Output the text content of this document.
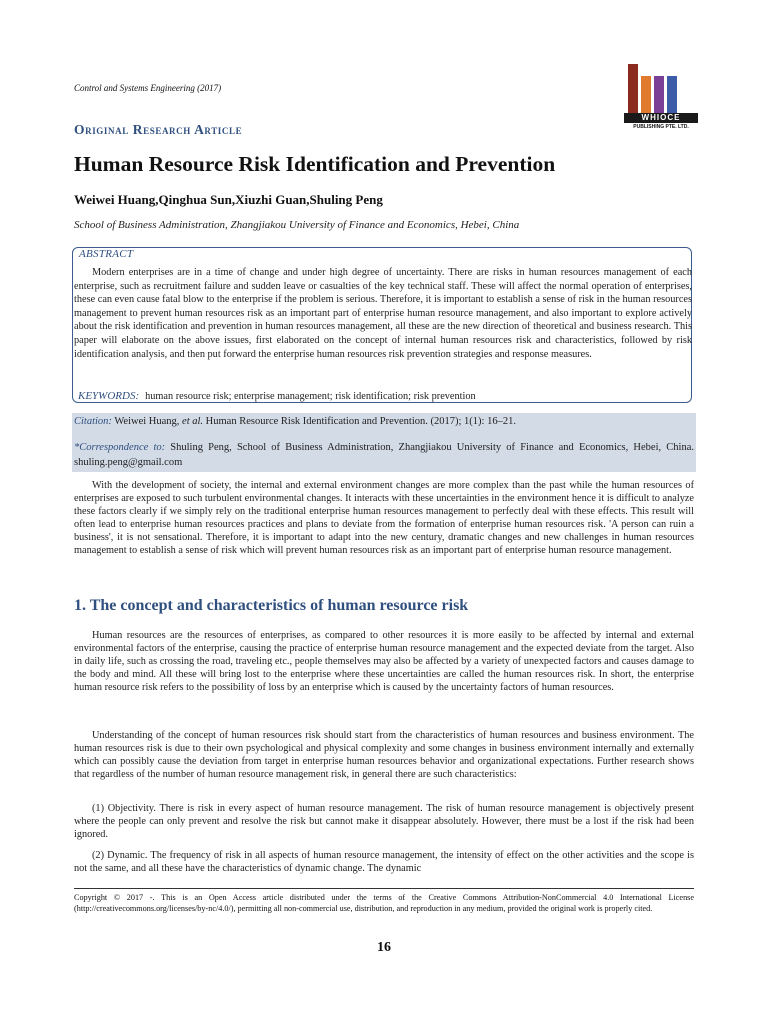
Control and Systems Engineering (2017)
Original Research Article
WHIOCE
PUBLISHING PTE. LTD.
Human Resource Risk Identification and Prevention
Weiwei Huang,Qinghua Sun,Xiuzhi Guan,Shuling Peng
School of Business Administration, Zhangjiakou University of Finance and Economics, Hebei, China
ABSTRACT
Modern enterprises are in a time of change and under high degree of uncertainty. There are risks in human resources management of each enterprise, such as recruitment failure and sudden leave or casualties of the key technical staff. These will affect the normal operation of enterprises, these can even cause fatal blow to the enterprise if the problem is serious. Therefore, it is important to establish a sense of risk in the human resources management to prevent human resources risk as an important part of enterprise human resource management, and also important to explore actively about the risk identification and prevention in human resources management, all these are the new direction of theoretical and business research. This paper will elaborate on the above issues, first elaborated on the concept of internal human resources risk and characteristics, followed by risk identification analysis, and then put forward the enterprise human resources risk prevention strategies and response measures.
KEYWORDS: human resource risk; enterprise management; risk identification; risk prevention
Citation: Weiwei Huang, et al. Human Resource Risk Identification and Prevention. (2017); 1(1): 16–21.
*Correspondence to: Shuling Peng, School of Business Administration, Zhangjiakou University of Finance and Economics, Hebei, China. shuling.peng@gmail.com
With the development of society, the internal and external environment changes are more complex than the past while the human resources of enterprises are exposed to such turbulent environmental changes. It interacts with these uncertainties in the environment hence it is difficult to analyze these factors clearly if we simply rely on the traditional enterprise human resources management to perfectly deal with these effects. This result will often lead to enterprise human resources practices and plans to deviate from the formation of enterprise human resources risk. 'A person can ruin a business', it is not sensational. Therefore, it is important to adapt into the new century, dramatic changes and new challenges in human resources management to establish a sense of risk which will prevent human resources risk as an important part of enterprise human resource management.
1. The concept and characteristics of human resource risk
Human resources are the resources of enterprises, as compared to other resources it is more easily to be affected by internal and external environmental factors of the enterprise, causing the practice of enterprise human resource management and the expected deviate from the target. Also in daily life, such as crossing the road, traveling etc., people themselves may also be affected by a variety of unexpected factors and causes damage to the body and mind. All these will bring lost to the enterprise where these uncertainties are called the human resources risk. In short, the enterprise human resource risk refers to the possibility of loss by an enterprise which is caused by the uncertainty factors of human resources.
Understanding of the concept of human resources risk should start from the characteristics of human resources and business environment. The human resources risk is due to their own psychological and physical complexity and some changes in business environment internally and externally which can possibly cause the deviation from target in enterprise human resources behavior and organizational expectations. Further research shows that regardless of the number of human resource management risk, in general there are such characteristics:
(1) Objectivity. There is risk in every aspect of human resource management. The risk of human resource management is objectively present where the people can only prevent and resolve the risk but cannot make it disappear absolutely. However, there must be a lost if the risk had been ignored.
(2) Dynamic. The frequency of risk in all aspects of human resource management, the intensity of effect on the other activities and the scope is not the same, and all these have the characteristics of dynamic change. The dynamic
Copyright © 2017 -. This is an Open Access article distributed under the terms of the Creative Commons Attribution-NonCommercial 4.0 International License (http://creativecommons.org/licenses/by-nc/4.0/), permitting all non-commercial use, distribution, and reproduction in any medium, provided the original work is properly cited.
16
